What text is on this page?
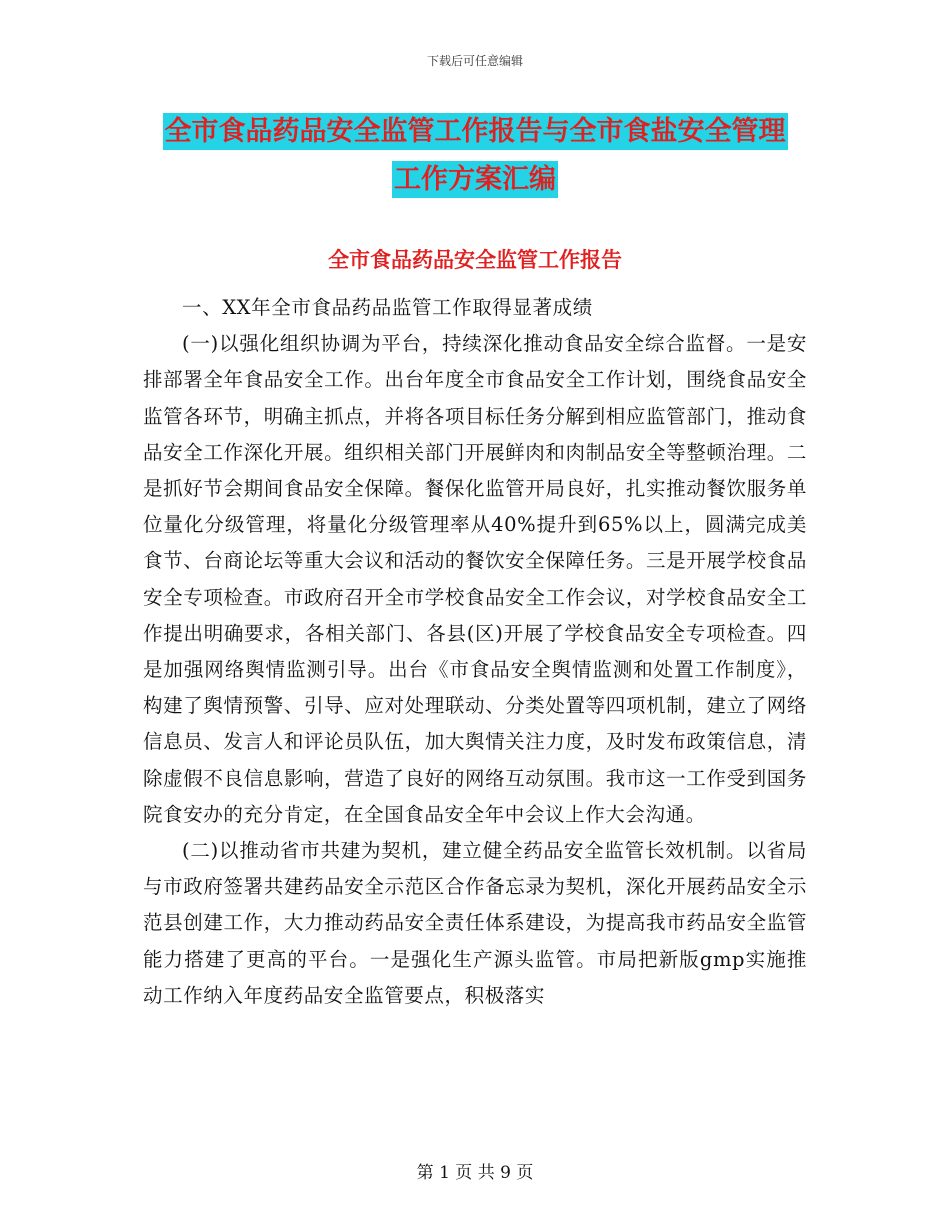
下载后可任意编辑
全市食品药品安全监管工作报告与全市食盐安全管理
工作方案汇编
全市食品药品安全监管工作报告

一、XX年全市食品药品监管工作取得显著成绩

(一)以强化组织协调为平台，持续深化推动食品安全综合监督。一是安排部署全年食品安全工作。出台年度全市食品安全工作计划，围绕食品安全监管各环节，明确主抓点，并将各项目标任务分解到相应监管部门，推动食品安全工作深化开展。组织相关部门开展鲜肉和肉制品安全等整顿治理。二是抓好节会期间食品安全保障。餐保化监管开局良好，扎实推动餐饮服务单位量化分级管理，将量化分级管理率从40%提升到65%以上，圆满完成美食节、台商论坛等重大会议和活动的餐饮安全保障任务。三是开展学校食品安全专项检查。市政府召开全市学校食品安全工作会议，对学校食品安全工作提出明确要求，各相关部门、各县(区)开展了学校食品安全专项检查。四是加强网络舆情监测引导。出台《市食品安全舆情监测和处置工作制度》，构建了舆情预警、引导、应对处理联动、分类处置等四项机制，建立了网络信息员、发言人和评论员队伍，加大舆情关注力度，及时发布政策信息，清除虚假不良信息影响，营造了良好的网络互动氛围。我市这一工作受到国务院食安办的充分肯定，在全国食品安全年中会议上作大会沟通。

(二)以推动省市共建为契机，建立健全药品安全监管长效机制。以省局与市政府签署共建药品安全示范区合作备忘录为契机，深化开展药品安全示范县创建工作，大力推动药品安全责任体系建设，为提高我市药品安全监管能力搭建了更高的平台。一是强化生产源头监管。市局把新版gmp实施推动工作纳入年度药品安全监管要点，积极落实

第 1 页 共 9 页
